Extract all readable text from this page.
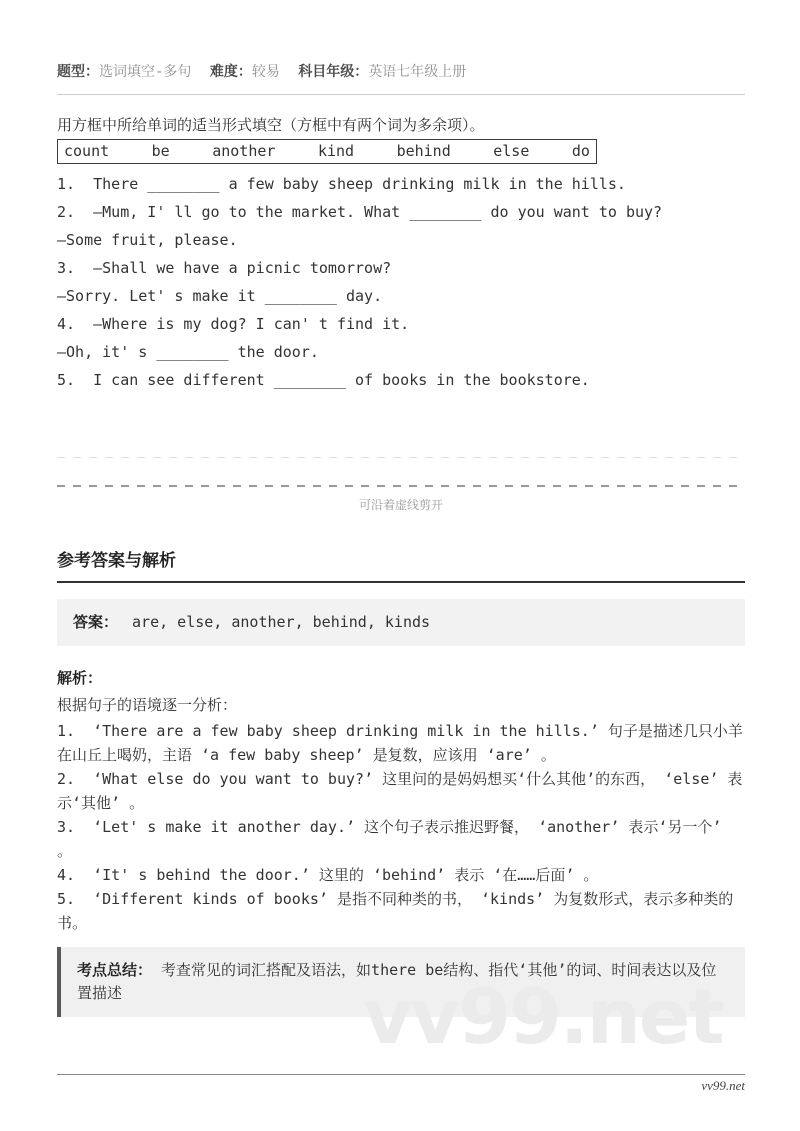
题型：选词填空-多句 难度：较易 科目年级：英语七年级上册
用方框中所给单词的适当形式填空（方框中有两个词为多余项）。
count	be	another	kind	behind	else	do
1.  There ________ a few baby sheep drinking milk in the hills.
2.  —Mum, I' ll go to the market. What ________ do you want to buy?
—Some fruit, please.
3.  —Shall we have a picnic tomorrow?
—Sorry. Let' s make it ________ day.
4.  —Where is my dog? I can' t find it.
—Oh, it' s ________ the door.
5.  I can see different ________ of books in the bookstore.
可沿着虚线剪开
参考答案与解析
答案： are, else, another, behind, kinds
解析：
根据句子的语境逐一分析：

1.  ‘There are a few baby sheep drinking milk in the hills.’ 句子是描述几只小羊在山丘上喝奶，主语 ‘a few baby sheep’ 是复数，应该用 ‘are’ 。

2.  ‘What else do you want to buy?’ 这里问的是妈妈想买‘什么其他’的东西， ‘else’ 表示‘其他’ 。

3.  ‘Let' s make it another day.’ 这个句子表示推迟野餐， ‘another’ 表示‘另一个’ 。

4.  ‘It' s behind the door.’ 这里的 ‘behind’ 表示 ‘在……后面’ 。

5.  ‘Different kinds of books’ 是指不同种类的书， ‘kinds’ 为复数形式，表示多种类的书。

考点总结： 考查常见的词汇搭配及语法，如there be结构、指代‘其他’的词、时间表达以及位置描述	vv99.net
vv99.net
